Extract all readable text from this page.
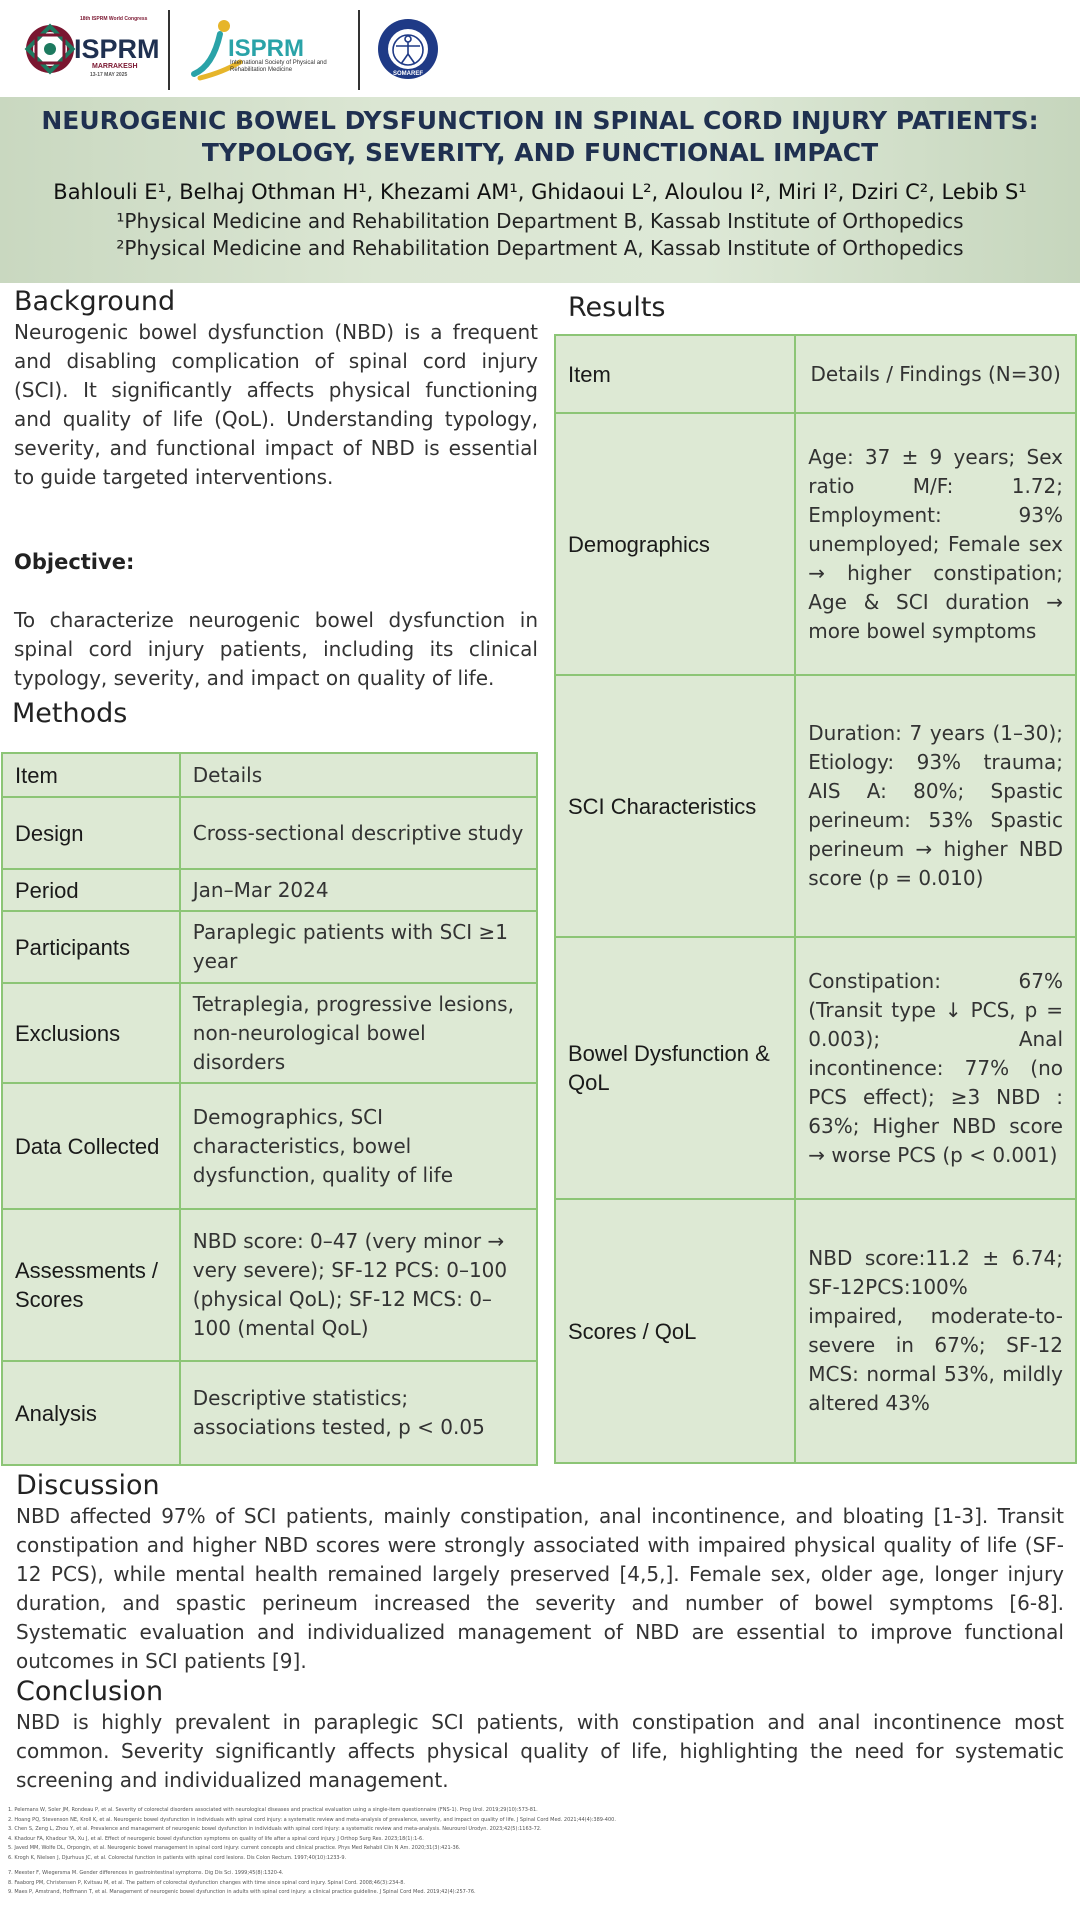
18th ISPRM World Congress
ISPRM
MARRAKESH
13-17 MAY 2025
ISPRM
International Society of Physical and Rehabilitation Medicine
SOMAREF
NEUROGENIC BOWEL DYSFUNCTION IN SPINAL CORD INJURY PATIENTS:
TYPOLOGY, SEVERITY, AND FUNCTIONAL IMPACT
Bahlouli E¹, Belhaj Othman H¹, Khezami AM¹, Ghidaoui L², Aloulou I², Miri I², Dziri C², Lebib S¹
¹Physical Medicine and Rehabilitation Department B, Kassab Institute of Orthopedics
²Physical Medicine and Rehabilitation Department A, Kassab Institute of Orthopedics
Background

Neurogenic bowel dysfunction (NBD) is a frequent and disabling complication of spinal cord injury (SCI). It significantly affects physical functioning and quality of life (QoL). Understanding typology, severity, and functional impact of NBD is essential to guide targeted interventions.

Objective:

To characterize neurogenic bowel dysfunction in spinal cord injury patients, including its clinical typology, severity, and impact on quality of life.

Methods
Item	Details
Design	Cross-sectional descriptive study
Period	Jan–Mar 2024
Participants	Paraplegic patients with SCI ≥1 year
Exclusions	Tetraplegia, progressive lesions, non-neurological bowel disorders
Data Collected	Demographics, SCI characteristics, bowel dysfunction, quality of life
Assessments / Scores	NBD score: 0–47 (very minor → very severe); SF-12 PCS: 0–100 (physical QoL); SF-12 MCS: 0–100 (mental QoL)
Analysis	Descriptive statistics; associations tested, p < 0.05
Results
Item	Details / Findings (N=30)
Demographics	Age: 37 ± 9 years; Sex ratio M/F: 1.72; Employment: 93% unemployed; Female sex → higher constipation; Age & SCI duration → more bowel symptoms
SCI Characteristics	Duration: 7 years (1–30); Etiology: 93% trauma; AIS A: 80%; Spastic perineum: 53% Spastic perineum → higher NBD score (p = 0.010)
Bowel Dysfunction & QoL	Constipation: 67% (Transit type ↓ PCS, p = 0.003); Anal incontinence: 77% (no PCS effect); ≥3 NBD : 63%; Higher NBD score → worse PCS (p < 0.001)
Scores / QoL	NBD score:11.2 ± 6.74; SF-12PCS:100% impaired, moderate-to-severe in 67%; SF-12 MCS: normal 53%, mildly altered 43%
Discussion

NBD affected 97% of SCI patients, mainly constipation, anal incontinence, and bloating [1-3]. Transit constipation and higher NBD scores were strongly associated with impaired physical quality of life (SF-12 PCS), while mental health remained largely preserved [4,5,]. Female sex, older age, longer injury duration, and spastic perineum increased the severity and number of bowel symptoms [6-8]. Systematic evaluation and individualized management of NBD are essential to improve functional outcomes in SCI patients [9].

Conclusion

NBD is highly prevalent in paraplegic SCI patients, with constipation and anal incontinence most common. Severity significantly affects physical quality of life, highlighting the need for systematic screening and individualized management.

1. Pelemans W, Soler JM, Rondeau P, et al. Severity of colorectal disorders associated with neurological diseases and practical evaluation using a single-item questionnaire (FNS-1). Prog Urol. 2019;29(10):573-81.
2. Hoang PQ, Stevenson NE, Kroll K, et al. Neurogenic bowel dysfunction in individuals with spinal cord injury: a systematic review and meta-analysis of prevalence, severity, and impact on quality of life. J Spinal Cord Med. 2021;44(4):389-400.
3. Chen S, Zeng L, Zhou Y, et al. Prevalence and management of neurogenic bowel dysfunction in individuals with spinal cord injury: a systematic review and meta-analysis. Neurourol Urodyn. 2023;42(5):1163-72.
4. Khadour FA, Khadour YA, Xu J, et al. Effect of neurogenic bowel dysfunction symptoms on quality of life after a spinal cord injury. J Orthop Surg Res. 2023;18(1):1-6.
5. Javed MM, Wolfe DL, Orpongin, et al. Neurogenic bowel management in spinal cord injury: current concepts and clinical practice. Phys Med Rehabil Clin N Am. 2020;31(3):421-36.
6. Krogh K, Nielsen J, Djurhuus JC, et al. Colorectal function in patients with spinal cord lesions. Dis Colon Rectum. 1997;40(10):1233-9.
7. Meester F, Wiegersma M. Gender differences in gastrointestinal symptoms. Dig Dis Sci. 1999;45(8):1320-4.
8. Faaborg PM, Christensen P, Kvitsau M, et al. The pattern of colorectal dysfunction changes with time since spinal cord injury. Spinal Cord. 2008;46(3):234-8.
9. Maes P, Amstrand, Hoffmann T, et al. Management of neurogenic bowel dysfunction in adults with spinal cord injury: a clinical practice guideline. J Spinal Cord Med. 2019;42(4):257-76.
